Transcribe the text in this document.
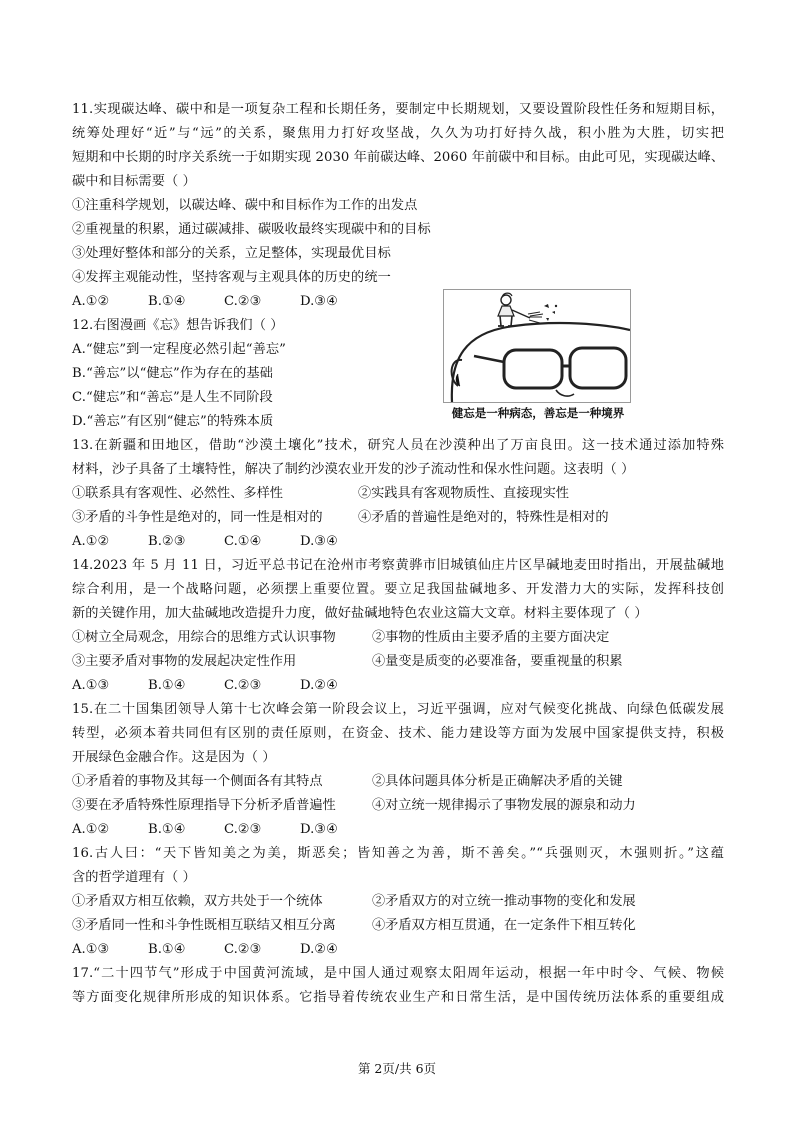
11.实现碳达峰、碳中和是一项复杂工程和长期任务，要制定中长期规划，又要设置阶段性任务和短期目标，
统筹处理好“近”与“远”的关系，聚焦用力打好攻坚战，久久为功打好持久战，积小胜为大胜，切实把
短期和中长期的时序关系统一于如期实现 2030 年前碳达峰、2060 年前碳中和目标。由此可见，实现碳达峰、
碳中和目标需要（ ）
①注重科学规划，以碳达峰、碳中和目标作为工作的出发点
②重视量的积累，通过碳减排、碳吸收最终实现碳中和的目标
③处理好整体和部分的关系，立足整体，实现最优目标
④发挥主观能动性，坚持客观与主观具体的历史的统一
A.①②	B.①④	C.②③	D.③④
12.右图漫画《忘》想告诉我们（ ）
A.“健忘”到一定程度必然引起“善忘”
B.“善忘”以“健忘”作为存在的基础
C.“健忘”和“善忘”是人生不同阶段
D.“善忘”有区别“健忘”的特殊本质
健忘是一种病态，善忘是一种境界
13.在新疆和田地区，借助“沙漠土壤化”技术，研究人员在沙漠种出了万亩良田。这一技术通过添加特殊
材料，沙子具备了土壤特性，解决了制约沙漠农业开发的沙子流动性和保水性问题。这表明（ ）
①联系具有客观性、必然性、多样性	②实践具有客观物质性、直接现实性
③矛盾的斗争性是绝对的，同一性是相对的	④矛盾的普遍性是绝对的，特殊性是相对的
A.①②	B.②③	C.①④	D.③④
14.2023 年 5 月 11 日，习近平总书记在沧州市考察黄骅市旧城镇仙庄片区旱碱地麦田时指出，开展盐碱地
综合利用，是一个战略问题，必须摆上重要位置。要立足我国盐碱地多、开发潜力大的实际，发挥科技创
新的关键作用，加大盐碱地改造提升力度，做好盐碱地特色农业这篇大文章。材料主要体现了（ ）
①树立全局观念，用综合的思维方式认识事物	②事物的性质由主要矛盾的主要方面决定
③主要矛盾对事物的发展起决定性作用	④量变是质变的必要准备，要重视量的积累
A.①③	B.①④	C.②③	D.②④
15.在二十国集团领导人第十七次峰会第一阶段会议上，习近平强调，应对气候变化挑战、向绿色低碳发展
转型，必须本着共同但有区别的责任原则，在资金、技术、能力建设等方面为发展中国家提供支持，积极
开展绿色金融合作。这是因为（ ）
①矛盾着的事物及其每一个侧面各有其特点	②具体问题具体分析是正确解决矛盾的关键
③要在矛盾特殊性原理指导下分析矛盾普遍性	④对立统一规律揭示了事物发展的源泉和动力
A.①②	B.①④	C.②③	D.③④
16.古人曰：“天下皆知美之为美，斯恶矣；皆知善之为善，斯不善矣。”“兵强则灭，木强则折。”这蕴
含的哲学道理有（ ）
①矛盾双方相互依赖，双方共处于一个统体	②矛盾双方的对立统一推动事物的变化和发展
③矛盾同一性和斗争性既相互联结又相互分离	④矛盾双方相互贯通，在一定条件下相互转化
A.①③	B.①④	C.②③	D.②④
17.“二十四节气”形成于中国黄河流域，是中国人通过观察太阳周年运动，根据一年中时令、气候、物候
等方面变化规律所形成的知识体系。它指导着传统农业生产和日常生活，是中国传统历法体系的重要组成
第 2页/共 6页
